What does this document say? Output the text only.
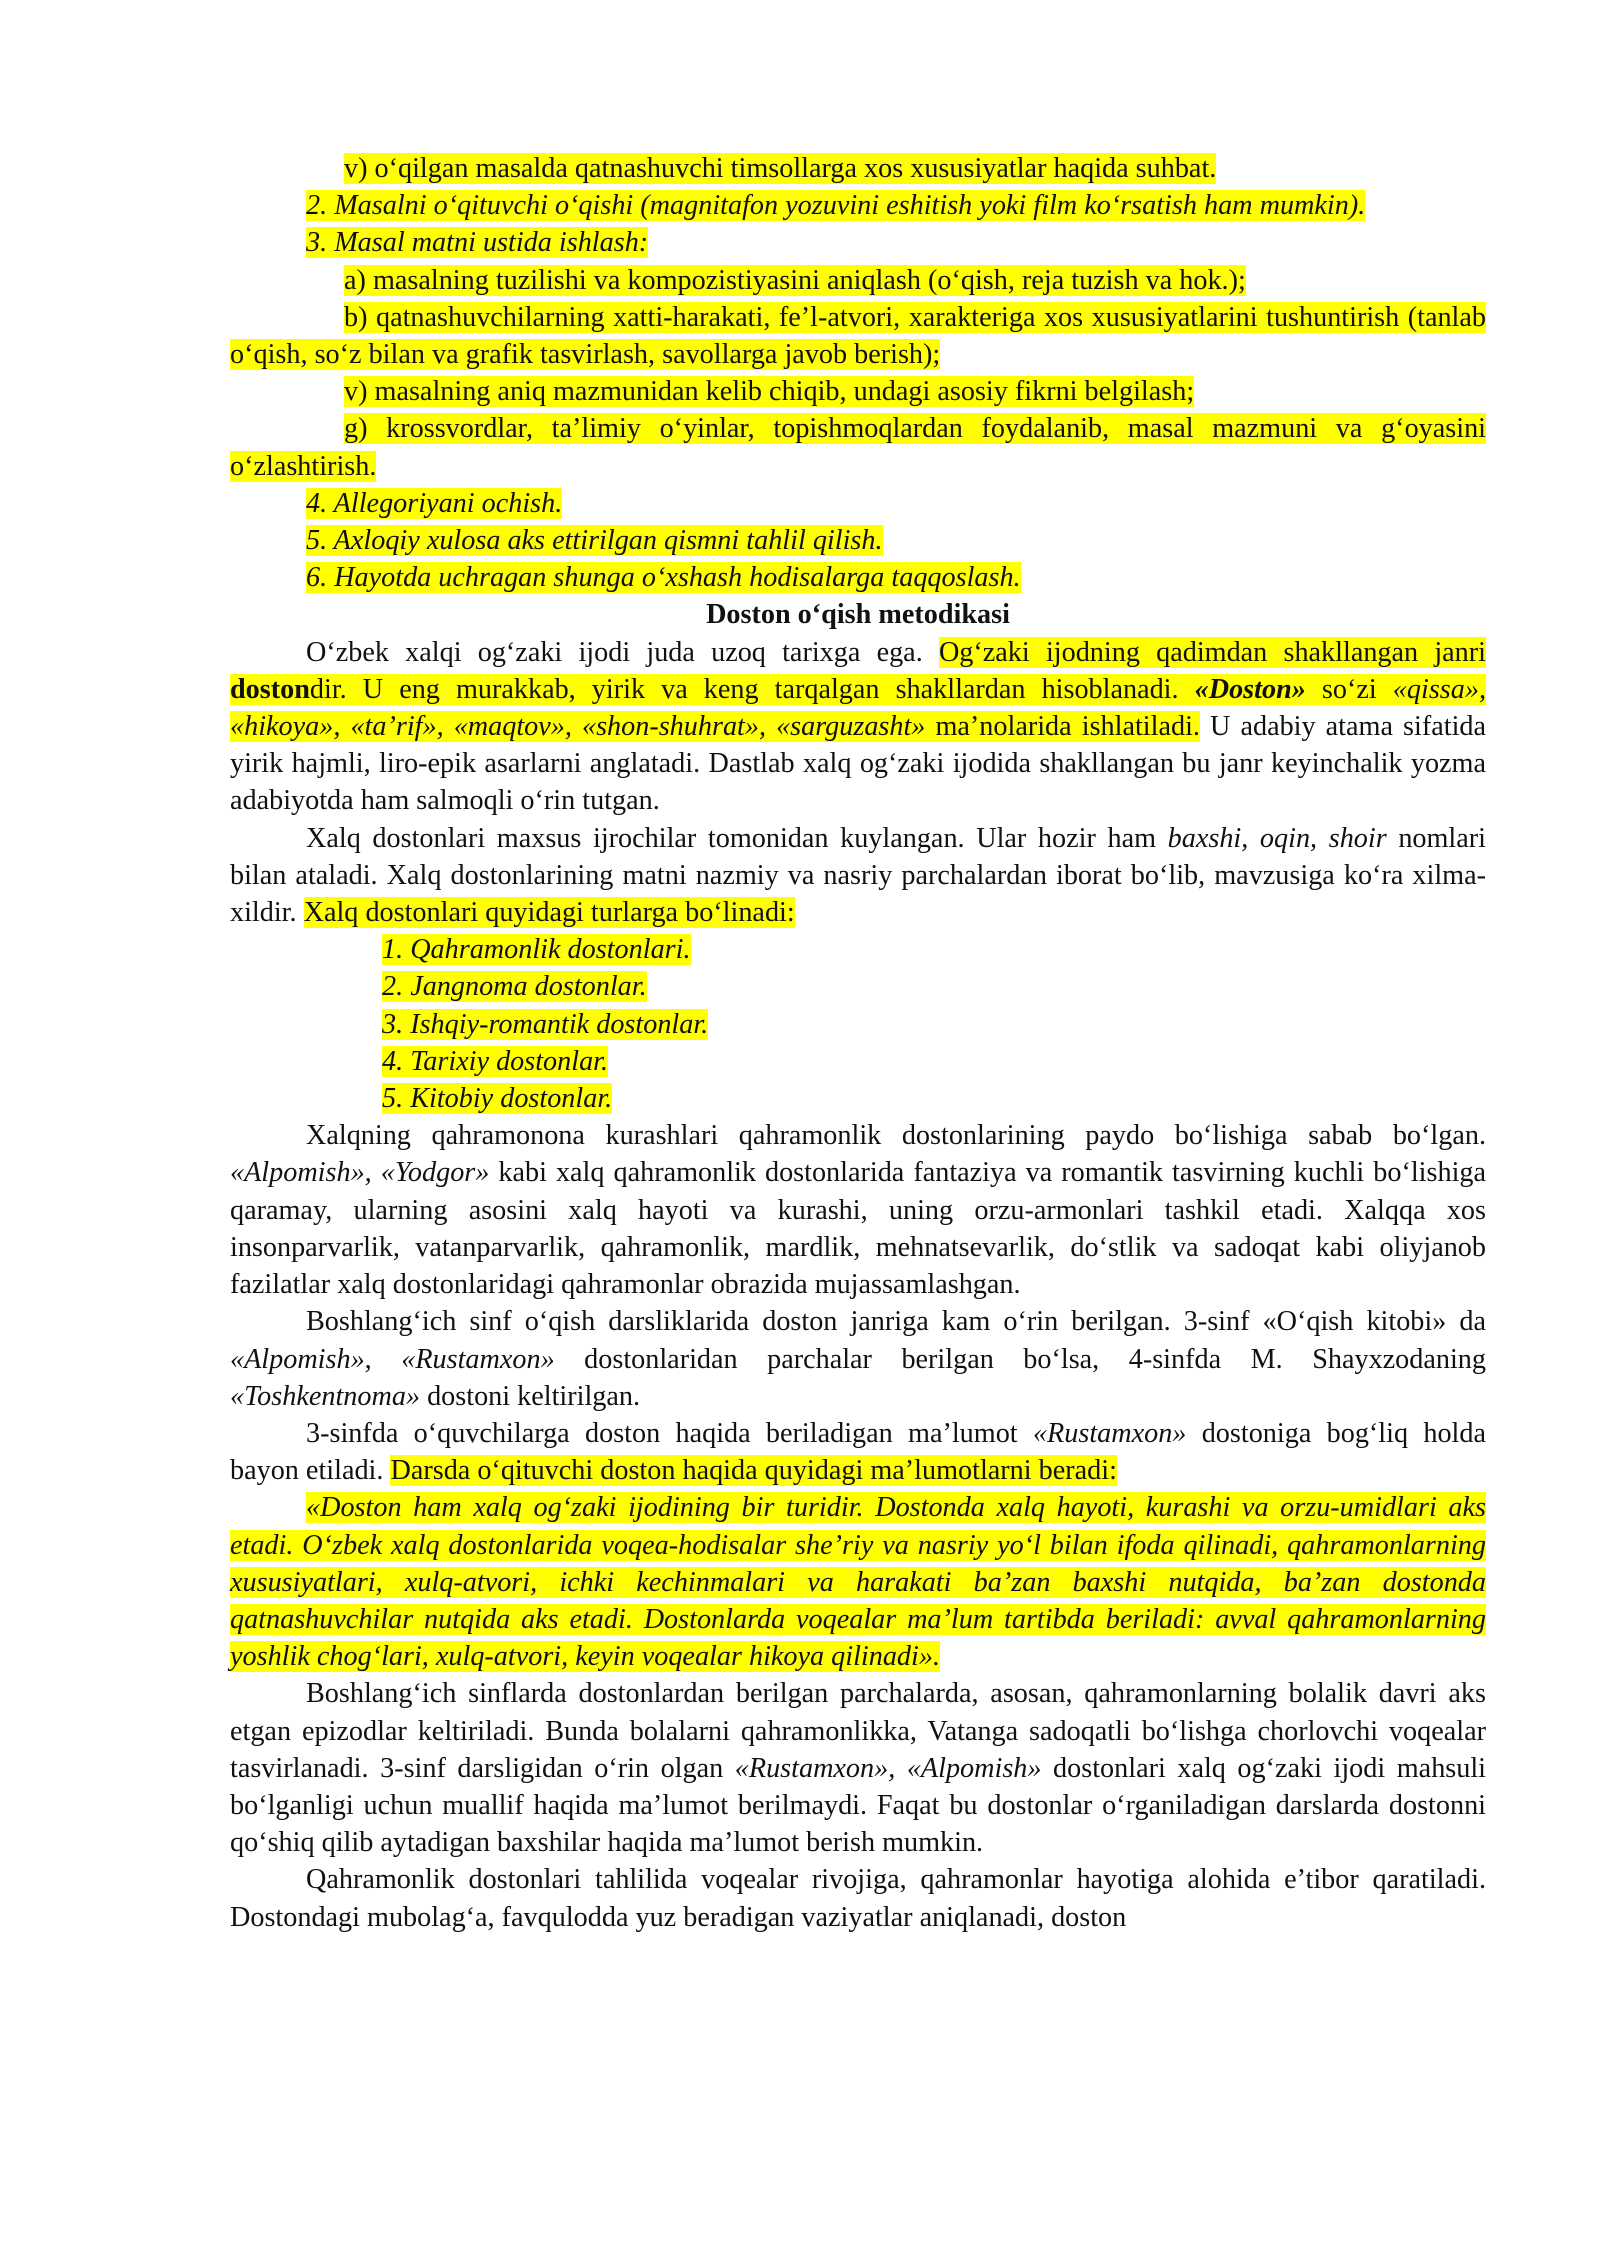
v) o‘qilgan masalda qatnashuvchi timsollarga xos xususiyatlar haqida suhbat.

2. Masalni o‘qituvchi o‘qishi (magnitafon yozuvini eshitish yoki film ko‘rsatish ham mumkin).

3. Masal matni ustida ishlash:

a) masalning tuzilishi va kompozistiyasini aniqlash (o‘qish, reja tuzish va hok.);

b) qatnashuvchilarning xatti-harakati, fe’l-atvori, xarakteriga xos xususiyatlarini tushuntirish (tanlab o‘qish, so‘z bilan va grafik tasvirlash, savollarga javob berish);

v) masalning aniq mazmunidan kelib chiqib, undagi asosiy fikrni belgilash;

g) krossvordlar, ta’limiy o‘yinlar, topishmoqlardan foydalanib, masal mazmuni va g‘oyasini o‘zlashtirish.

4. Allegoriyani ochish.

5. Axloqiy xulosa aks ettirilgan qismni tahlil qilish.

6. Hayotda uchragan shunga o‘xshash hodisalarga taqqoslash.

Doston o‘qish metodikasi

O‘zbek xalqi og‘zaki ijodi juda uzoq tarixga ega. Og‘zaki ijodning qadimdan shakllangan janri dostondir. U eng murakkab, yirik va keng tarqalgan shakllardan hisoblanadi. «Doston» so‘zi «qissa», «hikoya», «ta’rif», «maqtov», «shon-shuhrat», «sarguzasht» ma’nolarida ishlatiladi. U adabiy atama sifatida yirik hajmli, liro-epik asarlarni anglatadi. Dastlab xalq og‘zaki ijodida shakllangan bu janr keyinchalik yozma adabiyotda ham salmoqli o‘rin tutgan.

Xalq dostonlari maxsus ijrochilar tomonidan kuylangan. Ular hozir ham baxshi, oqin, shoir nomlari bilan ataladi. Xalq dostonlarining matni nazmiy va nasriy parchalardan iborat bo‘lib, mavzusiga ko‘ra xilma-xildir. Xalq dostonlari quyidagi turlarga bo‘linadi:

1. Qahramonlik dostonlari.
2. Jangnoma dostonlar.
3. Ishqiy-romantik dostonlar.
4. Tarixiy dostonlar.
5. Kitobiy dostonlar.

Xalqning qahramonona kurashlari qahramonlik dostonlarining paydo bo‘lishiga sabab bo‘lgan. «Alpomish», «Yodgor» kabi xalq qahramonlik dostonlarida fantaziya va romantik tasvirning kuchli bo‘lishiga qaramay, ularning asosini xalq hayoti va kurashi, uning orzu-armonlari tashkil etadi. Xalqqa xos insonparvarlik, vatanparvarlik, qahramonlik, mardlik, mehnatsevarlik, do‘stlik va sadoqat kabi oliyjanob fazilatlar xalq dostonlaridagi qahramonlar obrazida mujassamlashgan.

Boshlang‘ich sinf o‘qish darsliklarida doston janriga kam o‘rin berilgan. 3-sinf «O‘qish kitobi» da «Alpomish», «Rustamxon» dostonlaridan parchalar berilgan bo‘lsa, 4-sinfda M. Shayxzodaning «Toshkentnoma» dostoni keltirilgan.

3-sinfda o‘quvchilarga doston haqida beriladigan ma’lumot «Rustamxon» dostoniga bog‘liq holda bayon etiladi. Darsda o‘qituvchi doston haqida quyidagi ma’lumotlarni beradi:

«Doston ham xalq og‘zaki ijodining bir turidir. Dostonda xalq hayoti, kurashi va orzu-umidlari aks etadi. O‘zbek xalq dostonlarida voqea-hodisalar she’riy va nasriy yo‘l bilan ifoda qilinadi, qahramonlarning xususiyatlari, xulq-atvori, ichki kechinmalari va harakati ba’zan baxshi nutqida, ba’zan dostonda qatnashuvchilar nutqida aks etadi. Dostonlarda voqealar ma’lum tartibda beriladi: avval qahramonlarning yoshlik chog‘lari, xulq-atvori, keyin voqealar hikoya qilinadi».

Boshlang‘ich sinflarda dostonlardan berilgan parchalarda, asosan, qahramonlarning bolalik davri aks etgan epizodlar keltiriladi. Bunda bolalarni qahramonlikka, Vatanga sadoqatli bo‘lishga chorlovchi voqealar tasvirlanadi. 3-sinf darsligidan o‘rin olgan «Rustamxon», «Alpomish» dostonlari xalq og‘zaki ijodi mahsuli bo‘lganligi uchun muallif haqida ma’lumot berilmaydi. Faqat bu dostonlar o‘rganiladigan darslarda dostonni qo‘shiq qilib aytadigan baxshilar haqida ma’lumot berish mumkin.

Qahramonlik dostonlari tahlilida voqealar rivojiga, qahramonlar hayotiga alohida e’tibor qaratiladi. Dostondagi mubolag‘a, favqulodda yuz beradigan vaziyatlar aniqlanadi, doston
